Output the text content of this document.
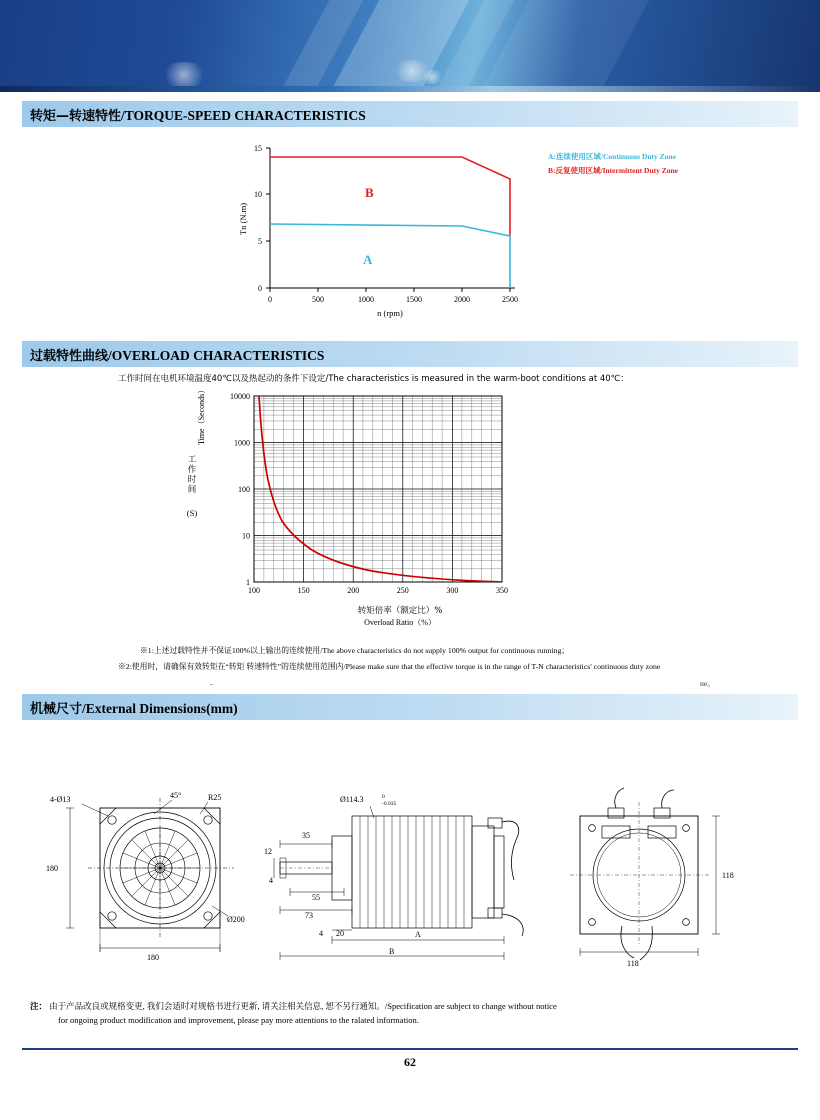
转矩—转速特性/TORQUE-SPEED CHARACTERISTICS
0
5
10
15
0	500	1000	1500	2000	2500
B
A
n (rpm)
Tn (N.m)
A:连续使用区域/Continuous Duty Zone
B:反复使用区域/Intermittent Duty Zone
过载特性曲线/OVERLOAD CHARACTERISTICS
工作时间在电机环境温度40℃以及热起动的条件下设定/The characteristics is measured in the warm-boot conditions at 40℃：
1
10
100
1000
10000
100	150	200	250	300	350
工作时间
(S)
Time（Seconds）
转矩倍率（额定比）%
Overload Ratio（%）
※1:上述过载特性并不保证100%以上输出的连续使用/The above characteristics do not supply 100% output for continuous running；
※2:使用时，请确保有效转矩在“转矩 转速特性”的连续使用范围内/Please make sure that the effective torque is in the range of T-N characteristics' continuous duty zone
-	ne。
机械尺寸/External Dimensions(mm)
4-Ø13	45°	R25
180
180
Ø200
Ø114.3	0
-0.035
35
12
4
55
73
4 20	A
B
118
118
注： 由于产品改良或规格变更, 我们会适时对规格书进行更新, 请关注相关信息, 恕不另行通知。/Specification are subject to change without notice
for ongoing product modification and improvement, please pay more attentions to the ralated information.
62
